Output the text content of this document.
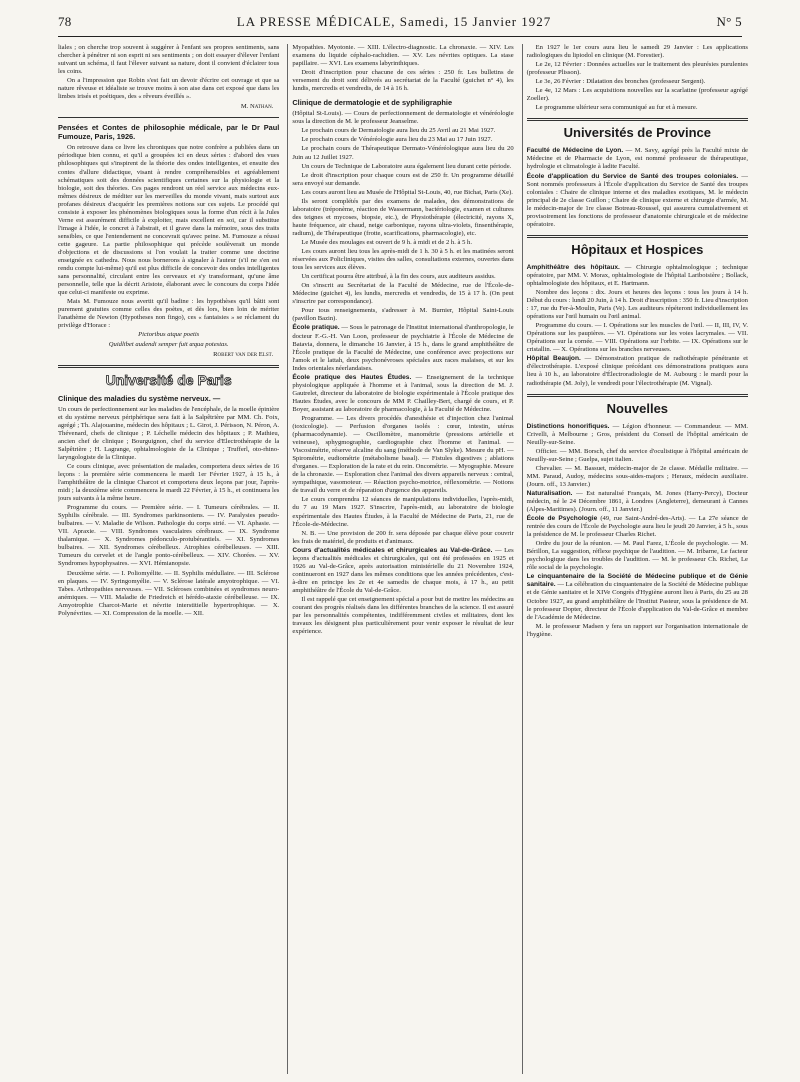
78	LA PRESSE MÉDICALE, Samedi, 15 Janvier 1927	N° 5

liales ; on cherche trop souvent à suggérer à l'enfant ses propres sentiments, sans chercher à pénétrer ni son esprit ni ses sentiments ; on doit essayer d'élever l'enfant suivant un schéma, il faut l'élever suivant sa nature, dont il convient d'éclairer tous les coins.

On a l'impression que Robin s'est fait un devoir d'écrire cet ouvrage et que sa nature rêveuse et idéaliste se trouve moins à son aise dans cet exposé que dans les limbes irisés et poétiques, des « rêveurs éveillés ».

M. Nathan.

Pensées et Contes de philosophie médicale, par le Dr Paul Fumouze, Paris, 1926.

On retrouve dans ce livre les chroniques que notre confrère a publiées dans un périodique bien connu, et qu'il a groupées ici en deux séries : d'abord des vues philosophiques qui s'inspirent de la théorie des ondes intelligentes, et ensuite des contes d'allure didactique, visant à rendre compréhensibles et agréablement schématiques soit des données scientifiques certaines sur la physiologie et la biologie, soit des théories. Ces pages rendront un réel service aux médecins eux-mêmes désireux de méditer sur les merveilles du monde vivant, mais surtout aux profanes désireux d'acquérir les premières notions sur ces sujets. Le procédé qui consiste à exposer les phénomènes biologiques sous la forme d'un récit à la Jules Verne est assurément difficile à exploiter, mais excellent en soi, car il substitue l'image à l'idée, le concret à l'abstrait, et il grave dans la mémoire, sous des traits sensibles, ce que l'entendement ne concevrait qu'avec peine. M. Fumouze a réussi cette gageure. La partie philosophique qui précède soulèverait un monde d'objections et de discussions si l'on voulait la traiter comme une doctrine enseignée ex cathedra. Nous nous bornerons à signaler à l'auteur (s'il ne s'en est rendu compte lui-même) qu'il est plus difficile de concevoir des ondes intelligentes sans personnalité, circulant entre les cerveaux et s'y transformant, qu'une âme personnelle, telle que la décrit Aristote, élaborant avec le concours du corps l'idée que celui-ci manifeste ou exprime.

Mais M. Fumouze nous avertit qu'il badine : les hypothèses qu'il bâtit sont purement gratuites comme celles des poètes, et dès lors, bien loin de mériter l'anathème de Newton (Hypotheses non fingo), ces « fantaisies » se réclament du privilège d'Horace :

Pictoribus atque poetis

Quidlibet audendi semper fuit æqua potestas.

Robert van der Elst.

Université de Paris

Clinique des maladies du système nerveux. —

Un cours de perfectionnement sur les maladies de l'encéphale, de la moelle épinière et du système nerveux périphérique sera fait à la Salpêtrière par MM. Ch. Foix, agrégé ; Th. Alajouanine, médecin des hôpitaux ; L. Girot, J. Périsson, N. Péron, A. Thévenard, chefs de clinique ; P. Léchelle médecin des hôpitaux ; P. Mathieu, ancien chef de clinique ; Bourguignon, chef du service d'Electrothérapie de la Salpêtrière ; H. Lagrange, ophtalmologiste de la Clinique ; Trufferl, oto-rhino-laryngologiste de la Clinique.

Ce cours clinique, avec présentation de malades, comportera deux séries de 16 leçons : la première série commencera le mardi 1er Février 1927, à 15 h., à l'amphithéâtre de la clinique Charcot et comportera deux leçons par jour, l'après-midi ; la deuxième série commencera le mardi 22 Février, à 15 h., et continuera les jours suivants à la même heure.

Programme du cours. — Première série. — I. Tumeurs cérébrales. — II. Syphilis cérébrale. — III. Syndromes parkinsoniens. — IV. Paralysies pseudo-bulbaires. — V. Maladie de Wilson. Pathologie du corps strié. — VI. Aphasie. — VII. Apraxie. — VIII. Syndromes vasculaires cérébraux. — IX. Syndrome thalamique. — X. Syndromes pédonculo-protubérantiels. — XI. Syndromes bulbaires. — XII. Syndromes cérébelleux. Atrophies cérébelleuses. — XIII. Tumeurs du cervelet et de l'angle ponto-cérébelleux. — XIV. Chorées. — XV. Syndromes hypophysaires. — XVI. Hémianopsie.

Deuxième série. — I. Poliomyélite. — II. Syphilis médullaire. — III. Sclérose en plaques. — IV. Syringomyélie. — V. Sclérose latérale amyotrophique. — VI. Tabes. Arthropathies nerveuses. — VII. Scléroses combinées et syndromes neuro-anémiques. — VIII. Maladie de Friedreich et hérédo-ataxie cérébelleuse. — IX. Amyotrophie Charcot-Marie et névrite interstitielle hypertrophique. — X. Polynévrites. — XI. Compression de la moelle. — XII.

Myopathies. Myotonie. — XIII. L'électro-diagnostic. La chronaxie. — XIV. Les examens du liquide céphalo-rachidien. — XV. Les névrites optiques. La stase papillaire. — XVI. Les examens labyrinthiques.

Droit d'inscription pour chacune de ces séries : 250 fr. Les bulletins de versement du droit sont délivrés au secrétariat de la Faculté (guichet n° 4), les lundis, mercredis et vendredis, de 14 à 16 h.

Clinique de dermatologie et de syphiligraphie

(Hôpital St-Louis). — Cours de perfectionnement de dermatologie et vénéréologie sous la direction de M. le professeur Jeanselme.

Le prochain cours de Dermatologie aura lieu du 25 Avril au 21 Mai 1927.

Le prochain cours de Vénéréologie aura lieu du 23 Mai au 17 Juin 1927.

Le prochain cours de Thérapeutique Dermato-Vénéréologique aura lieu du 20 Juin au 12 Juillet 1927.

Un cours de Technique de Laboratoire aura également lieu durant cette période.

Le droit d'inscription pour chaque cours est de 250 fr. Un programme détaillé sera envoyé sur demande.

Les cours auront lieu au Musée de l'Hôpital St-Louis, 40, rue Bichat, Paris (Xe).

Ils seront complétés par des examens de malades, des démonstrations de laboratoire (tréponème, réaction de Wassermann, bactériologie, examen et cultures des teignes et mycoses, biopsie, etc.), de Physiothérapie (électricité, rayons X, haute fréquence, air chaud, neige carbonique, rayons ultra-violets, finsenthérapie, radium), de Thérapeutique (frotte, scarifications, pharmacologie), etc.

Le Musée des moulages est ouvert de 9 h. à midi et de 2 h. à 5 h.

Les cours auront lieu tous les après-midi de 1 h. 30 à 5 h. et les matinées seront réservées aux Policliniques, visites des salles, consultations externes, ouvertes dans tous les services aux élèves.

Un certificat pourra être attribué, à la fin des cours, aux auditeurs assidus.

On s'inscrit au Secrétariat de la Faculté de Médecine, rue de l'École-de-Médecine (guichet 4), les lundis, mercredis et vendredis, de 15 à 17 h. (On peut s'inscrire par correspondance).

Pour tous renseignements, s'adresser à M. Burnier, Hôpital Saint-Louis (pavillon Bazin).

École pratique. — Sous le patronage de l'Institut international d'anthropologie, le docteur F.-G.-H. Van Loon, professeur de psychiatrie à l'École de Médecine de Batavia, donnera, le dimanche 16 Janvier, à 15 h., dans le grand amphithéâtre de l'École pratique de la Faculté de Médecine, une conférence avec projections sur l'amok et le lattah, deux psychonévroses spéciales aux races malaises, et sur les Indes orientales néerlandaises.

École pratique des Hautes Études. — Enseignement de la technique physiologique appliquée à l'homme et à l'animal, sous la direction de M. J. Gautrelet, directeur du laboratoire de biologie expérimentale à l'École pratique des Hautes Études, avec le concours de MM P. Chailley-Bert, chargé de cours, et P. Boyer, assistant au laboratoire de pharmacologie, à la Faculté de Médecine.

Programme. — Les divers procédés d'anesthésie et d'injection chez l'animal (toxicologie). — Perfusion d'organes isolés : cœur, intestin, utérus (pharmacodynamie). — Oscillomètre, manométrie (pressions artérielle et veineuse), sphygmographie, cardiographie chez l'homme et l'animal. — Viscosimétrie, réserve alcaline du sang (méthode de Van Slyke). Mesure du pH. — Spirométrie, eudiométrie (métabolisme basal). — Fistules digestives ; ablations d'organes. — Exploration de la rate et du rein. Oncométrie. — Myographie. Mesure de la chronaxie. — Exploration chez l'animal des divers appareils nerveux : central, sympathique, vasomoteur. — Réaction psycho-motrice, réflexométrie. — Notions de travail du verre et de réparation d'urgence des appareils.

Le cours comprendra 12 séances de manipulations individuelles, l'après-midi, du 7 au 19 Mars 1927. S'inscrire, l'après-midi, au laboratoire de biologie expérimentale des Hautes Études, à la Faculté de Médecine de Paris, 21, rue de l'École-de-Médecine.

N. B. — Une provision de 200 fr. sera déposée par chaque élève pour couvrir les frais de matériel, de produits et d'animaux.

Cours d'actualités médicales et chirurgicales au Val-de-Grâce. — Les leçons d'actualités médicales et chirurgicales, qui ont été professées en 1925 et 1926 au Val-de-Grâce, après autorisation ministérielle du 21 Novembre 1924, continueront en 1927 dans les mêmes conditions que les années précédentes, c'est-à-dire en principe les 2e et 4e samedis de chaque mois, à 17 h., au petit amphithéâtre de l'École du Val-de-Grâce.

Il est rappelé que cet enseignement spécial a pour but de mettre les médecins au courant des progrès réalisés dans les différentes branches de la science. Il est assuré par les personnalités compétentes, indifféremment civiles et militaires, dont les travaux les désignent plus particulièrement pour venir exposer le résultat de leur expérience.

En 1927 le 1er cours aura lieu le samedi 29 Janvier : Les applications radiologiques du lipiodol en clinique (M. Forestier).

Le 2e, 12 Février : Données actuelles sur le traitement des pleurésies purulentes (professeur Plisson).

Le 3e, 26 Février : Dilatation des bronches (professeur Sergent).

Le 4e, 12 Mars : Les acquisitions nouvelles sur la scarlatine (professeur agrégé Zoeller).

Le programme ultérieur sera communiqué au fur et à mesure.

Universités de Province

Faculté de Médecine de Lyon. — M. Savy, agrégé près la Faculté mixte de Médecine et de Pharmacie de Lyon, est nommé professeur de thérapeutique, hydrologie et climatologie à ladite Faculté.

École d'application du Service de Santé des troupes coloniales. — Sont nommés professeurs à l'École d'application du Service de Santé des troupes coloniales : Chaire de clinique interne et des maladies exotiques, M. le médecin principal de 2e classe Guillon ; Chaire de clinique externe et chirurgie d'armée, M. le médecin-major de 1re classe Botreau-Roussel, qui assurera cumulativement et provisoirement les fonctions de professeur d'anatomie chirurgicale et de médecine opératoire.

Hôpitaux et Hospices

Amphithéâtre des hôpitaux. — Chirurgie ophtalmologique ; technique opératoire, par MM. V. Morax, ophtalmologiste de l'hôpital Lariboisière ; Bollack, ophtalmologiste des hôpitaux, et E. Hartmann.

Nombre des leçons : dix. Jours et heures des leçons : tous les jours à 14 h. Début du cours : lundi 20 Juin, à 14 h. Droit d'inscription : 350 fr. Lieu d'inscription : 17, rue du Fer-à-Moulin, Paris (Ve). Les auditeurs répéteront individuellement les opérations sur l'œil humain ou l'œil animal.

Programme du cours. — I. Opérations sur les muscles de l'œil. — II, III, IV, V. Opérations sur les paupières. — VI. Opérations sur les voies lacrymales. — VII. Opérations sur la cornée. — VIII. Opérations sur l'orbite. — IX. Opérations sur le cristallin. — X. Opérations sur les branches nerveuses.

Hôpital Beaujon. — Démonstration pratique de radiothérapie pénétrante et d'électrothérapie. L'exposé clinique précédant ces démonstrations pratiques aura lieu à 10 h., au laboratoire d'Électroradiologie de M. Aubourg : le mardi pour la radiothérapie (M. Joly), le vendredi pour l'électrothérapie (M. Vignal).

Nouvelles

Distinctions honorifiques. — Légion d'honneur. — Commandeur. — MM. Crivelli, à Melbourne ; Gros, président du Conseil de l'hôpital américain de Neuilly-sur-Seine.

Officier. — MM. Borsch, chef du service d'oculistique à l'hôpital américain de Neuilly-sur-Seine ; Guelpa, sujet italien.

Chevalier. — M. Bassuet, médecin-major de 2e classe. Médaille militaire. — MM. Paraud, Audoy, médecins sous-aides-majors ; Heraux, médecin auxiliaire. (Journ. off., 13 Janvier.)

Naturalisation. — Est naturalisé Français, M. Jones (Harry-Percy), Docteur médecin, né le 24 Décembre 1861, à Londres (Angleterre), demeurant à Cannes (Alpes-Maritimes). (Journ. off., 11 Janvier.)

École de Psychologie (49, rue Saint-André-des-Arts). — La 27e séance de rentrée des cours de l'École de Psychologie aura lieu le jeudi 20 Janvier, à 5 h., sous la présidence de M. le professeur Charles Richet.

Ordre du jour de la réunion. — M. Paul Farez, L'École de psychologie. — M. Bérillon, La suggestion, réflexe psychique de l'audition. — M. Iribarne, Le facteur psychologique dans les troubles de l'audition. — M. le professeur Ch. Richet, Le rôle social de la psychologie.

Le cinquantenaire de la Société de Médecine publique et de Génie sanitaire. — La célébration du cinquantenaire de la Société de Médecine publique et de Génie sanitaire et le XIVe Congrès d'Hygiène auront lieu à Paris, du 25 au 28 Octobre 1927, au grand amphithéâtre de l'Institut Pasteur, sous la présidence de M. le professeur Dopter, directeur de l'École d'application du Val-de-Grâce et membre de l'Académie de Médecine.

M. le professeur Madsen y fera un rapport sur l'organisation internationale de l'hygiène.
